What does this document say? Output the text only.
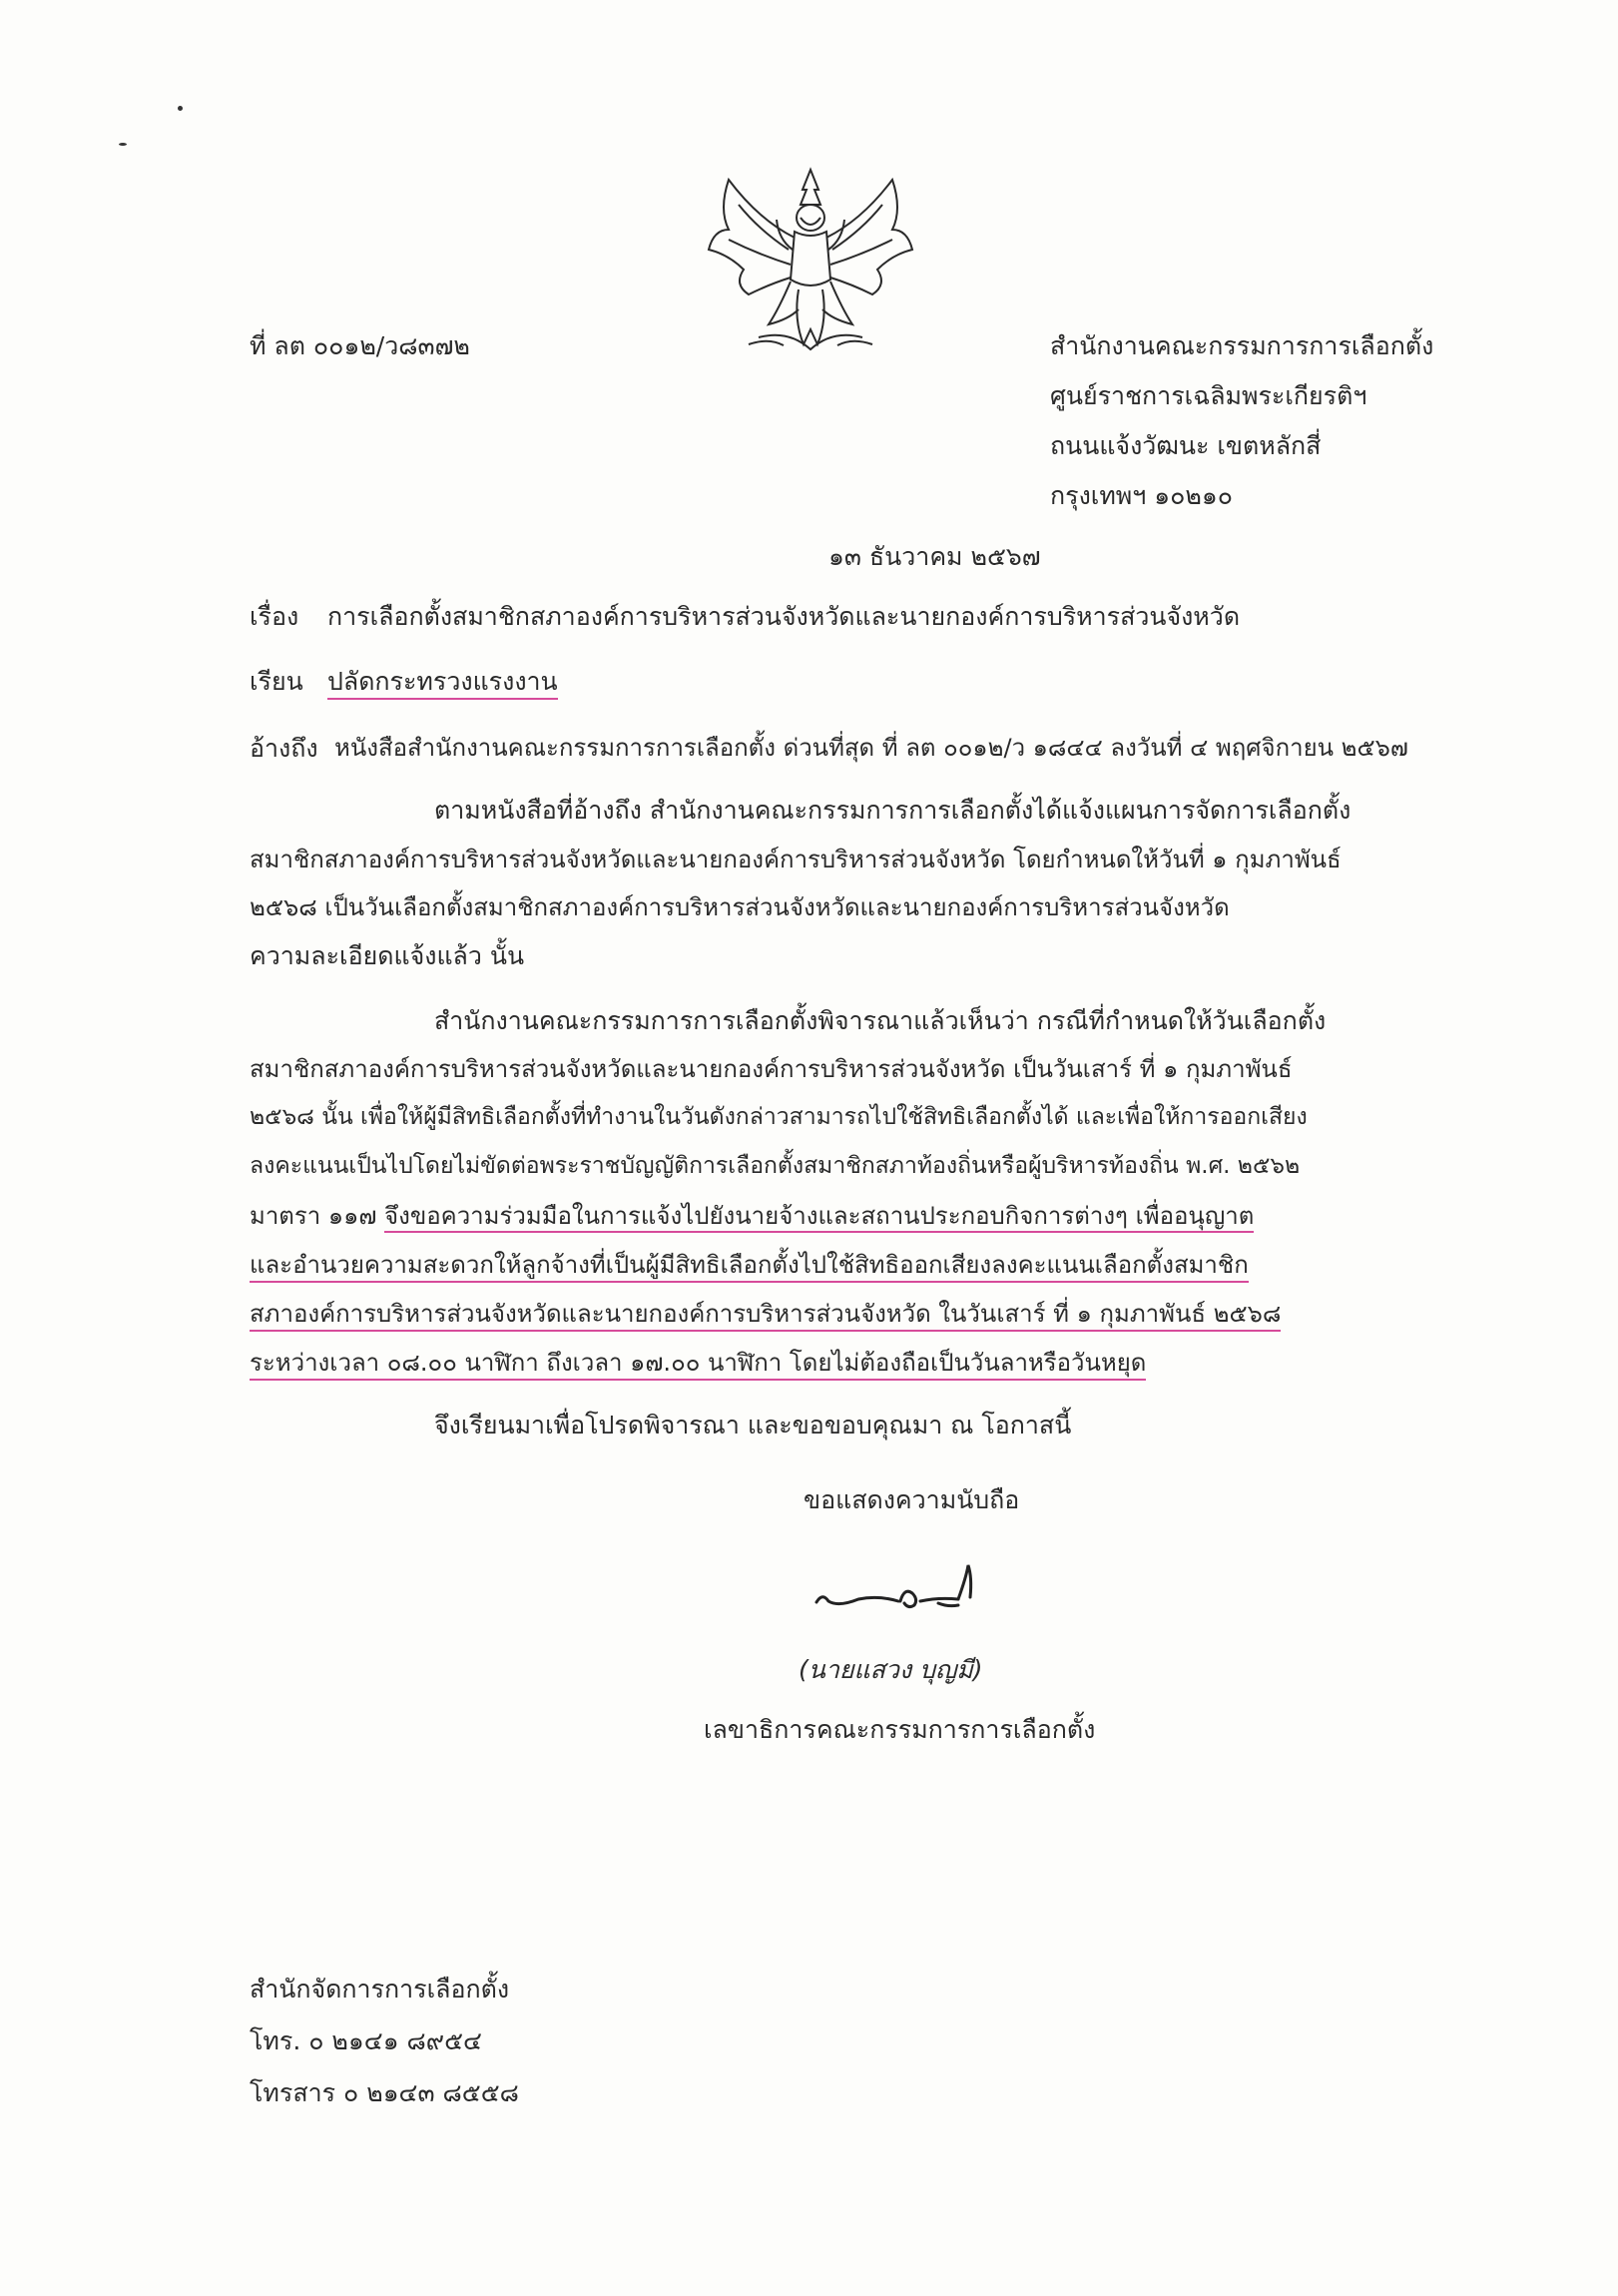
ที่ ลต ๐๐๑๒/ว๘๓๗๒	สำนักงานคณะกรรมการการเลือกตั้ง
ศูนย์ราชการเฉลิมพระเกียรติฯ
ถนนแจ้งวัฒนะ เขตหลักสี่
กรุงเทพฯ ๑๐๒๑๐
๑๓ ธันวาคม ๒๕๖๗
เรื่อง การเลือกตั้งสมาชิกสภาองค์การบริหารส่วนจังหวัดและนายกองค์การบริหารส่วนจังหวัด
เรียน ปลัดกระทรวงแรงงาน
อ้างถึง หนังสือสำนักงานคณะกรรมการการเลือกตั้ง ด่วนที่สุด ที่ ลต ๐๐๑๒/ว ๑๘๔๔ ลงวันที่ ๔ พฤศจิกายน ๒๕๖๗
ตามหนังสือที่อ้างถึง สำนักงานคณะกรรมการการเลือกตั้งได้แจ้งแผนการจัดการเลือกตั้ง
สมาชิกสภาองค์การบริหารส่วนจังหวัดและนายกองค์การบริหารส่วนจังหวัด โดยกำหนดให้วันที่ ๑ กุมภาพันธ์
๒๕๖๘ เป็นวันเลือกตั้งสมาชิกสภาองค์การบริหารส่วนจังหวัดและนายกองค์การบริหารส่วนจังหวัด
ความละเอียดแจ้งแล้ว นั้น
สำนักงานคณะกรรมการการเลือกตั้งพิจารณาแล้วเห็นว่า กรณีที่กำหนดให้วันเลือกตั้ง
สมาชิกสภาองค์การบริหารส่วนจังหวัดและนายกองค์การบริหารส่วนจังหวัด เป็นวันเสาร์ ที่ ๑ กุมภาพันธ์
๒๕๖๘ นั้น เพื่อให้ผู้มีสิทธิเลือกตั้งที่ทำงานในวันดังกล่าวสามารถไปใช้สิทธิเลือกตั้งได้ และเพื่อให้การออกเสียง
ลงคะแนนเป็นไปโดยไม่ขัดต่อพระราชบัญญัติการเลือกตั้งสมาชิกสภาท้องถิ่นหรือผู้บริหารท้องถิ่น พ.ศ. ๒๕๖๒
มาตรา ๑๑๗ จึงขอความร่วมมือในการแจ้งไปยังนายจ้างและสถานประกอบกิจการต่างๆ เพื่ออนุญาต
และอำนวยความสะดวกให้ลูกจ้างที่เป็นผู้มีสิทธิเลือกตั้งไปใช้สิทธิออกเสียงลงคะแนนเลือกตั้งสมาชิก
สภาองค์การบริหารส่วนจังหวัดและนายกองค์การบริหารส่วนจังหวัด ในวันเสาร์ ที่ ๑ กุมภาพันธ์ ๒๕๖๘
ระหว่างเวลา ๐๘.๐๐ นาฬิกา ถึงเวลา ๑๗.๐๐ นาฬิกา โดยไม่ต้องถือเป็นวันลาหรือวันหยุด
จึงเรียนมาเพื่อโปรดพิจารณา และขอขอบคุณมา ณ โอกาสนี้
ขอแสดงความนับถือ
(นายแสวง บุญมี)
เลขาธิการคณะกรรมการการเลือกตั้ง
สำนักจัดการการเลือกตั้ง
โทร. ๐ ๒๑๔๑ ๘๙๕๔
โทรสาร ๐ ๒๑๔๓ ๘๕๕๘
